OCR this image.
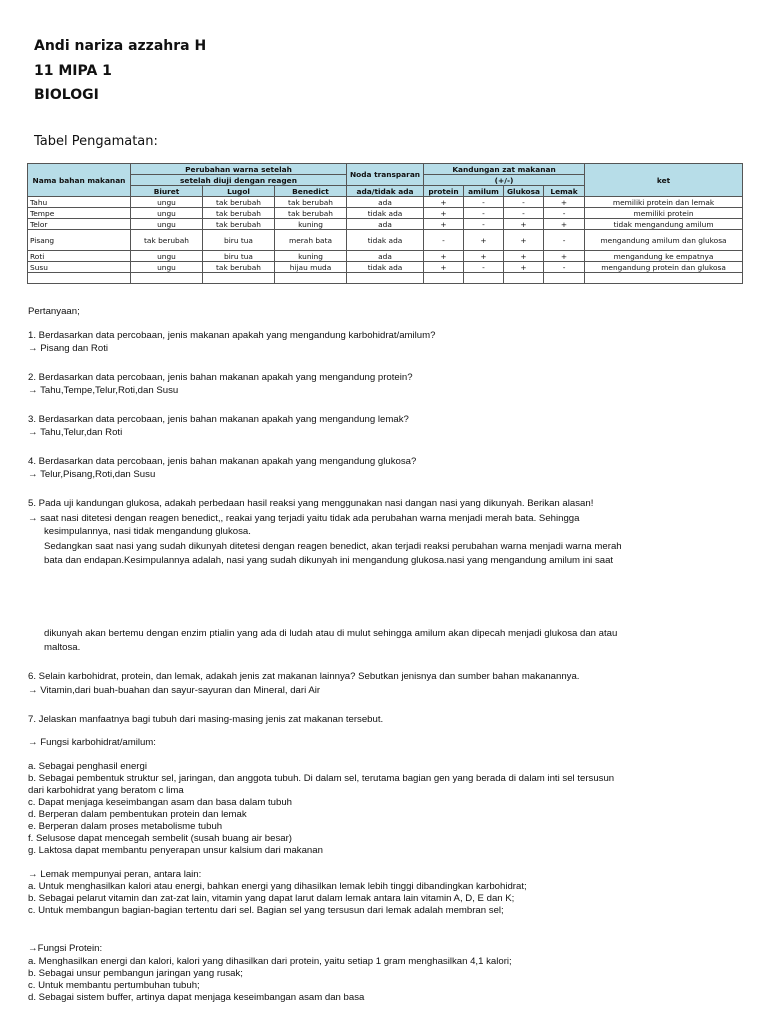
Andi nariza azzahra H
11 MIPA 1
BIOLOGI
Tabel Pengamatan:
Nama bahan makanan	Perubahan warna setelah			Noda transparan	Kandungan zat makanan				ket
	setelah diuji dengan reagen				(+/-)				
	Biuret	Lugol	Benedict	ada/tidak ada	protein	amilum	Glukosa	Lemak	
Tahu	ungu	tak berubah	tak berubah	ada	+	-	-	+	memiliki protein dan lemak
Tempe	ungu	tak berubah	tak berubah	tidak ada	+	-	-	-	memiliki protein
Telor	ungu	tak berubah	kuning	ada	+	-	+	+	tidak mengandung amilum
Pisang	tak berubah	biru tua	merah bata	tidak ada	-	+	+	-	mengandung amilum dan glukosa
Roti	ungu	biru tua	kuning	ada	+	+	+	+	mengandung ke empatnya
Susu	ungu	tak berubah	hijau muda	tidak ada	+	-	+	-	mengandung protein dan glukosa

Pertanyaan;
1. Berdasarkan data percobaan, jenis makanan apakah yang mengandung karbohidrat/amilum?
→ Pisang dan Roti
2. Berdasarkan data percobaan, jenis bahan makanan apakah yang mengandung protein?
→ Tahu,Tempe,Telur,Roti,dan Susu
3. Berdasarkan data percobaan, jenis bahan makanan apakah yang mengandung lemak?
→ Tahu,Telur,dan Roti
4. Berdasarkan data percobaan, jenis bahan makanan apakah yang mengandung glukosa?
→ Telur,Pisang,Roti,dan Susu
5. Pada uji kandungan glukosa, adakah perbedaan hasil reaksi yang menggunakan nasi dangan nasi yang dikunyah. Berikan alasan!
→ saat nasi ditetesi dengan reagen benedict,, reakai yang terjadi yaitu tidak ada perubahan warna menjadi merah bata. Sehingga
kesimpulannya, nasi tidak mengandung glukosa.
Sedangkan saat nasi yang sudah dikunyah ditetesi dengan reagen benedict, akan terjadi reaksi perubahan warna menjadi warna merah
bata dan endapan.Kesimpulannya adalah, nasi yang sudah dikunyah ini mengandung glukosa.nasi yang mengandung amilum ini saat
dikunyah akan bertemu dengan enzim ptialin yang ada di ludah atau di mulut sehingga amilum akan dipecah menjadi glukosa dan atau
maltosa.
6. Selain karbohidrat, protein, dan lemak, adakah jenis zat makanan lainnya? Sebutkan jenisnya dan sumber bahan makanannya.
→ Vitamin,dari buah-buahan dan sayur-sayuran dan Mineral, dari Air
7. Jelaskan manfaatnya bagi tubuh dari masing-masing jenis zat makanan tersebut.
→ Fungsi karbohidrat/amilum:
a. Sebagai penghasil energi
b. Sebagai pembentuk struktur sel, jaringan, dan anggota tubuh. Di dalam sel, terutama bagian gen yang berada di dalam inti sel tersusun
dari karbohidrat yang beratom c lima
c. Dapat menjaga keseimbangan asam dan basa dalam tubuh
d. Berperan dalam pembentukan protein dan lemak
e. Berperan dalam proses metabolisme tubuh
f. Selusose dapat mencegah sembelit (susah buang air besar)
g. Laktosa dapat membantu penyerapan unsur kalsium dari makanan
→ Lemak mempunyai peran, antara lain:
a. Untuk menghasilkan kalori atau energi, bahkan energi yang dihasilkan lemak lebih tinggi dibandingkan karbohidrat;
b. Sebagai pelarut vitamin dan zat-zat lain, vitamin yang dapat larut dalam lemak antara lain vitamin A, D, E dan K;
c. Untuk membangun bagian-bagian tertentu dari sel. Bagian sel yang tersusun dari lemak adalah membran sel;
→Fungsi Protein:
a. Menghasilkan energi dan kalori, kalori yang dihasilkan dari protein, yaitu setiap 1 gram menghasilkan 4,1 kalori;
b. Sebagai unsur pembangun jaringan yang rusak;
c. Untuk membantu pertumbuhan tubuh;
d. Sebagai sistem buffer, artinya dapat menjaga keseimbangan asam dan basa
